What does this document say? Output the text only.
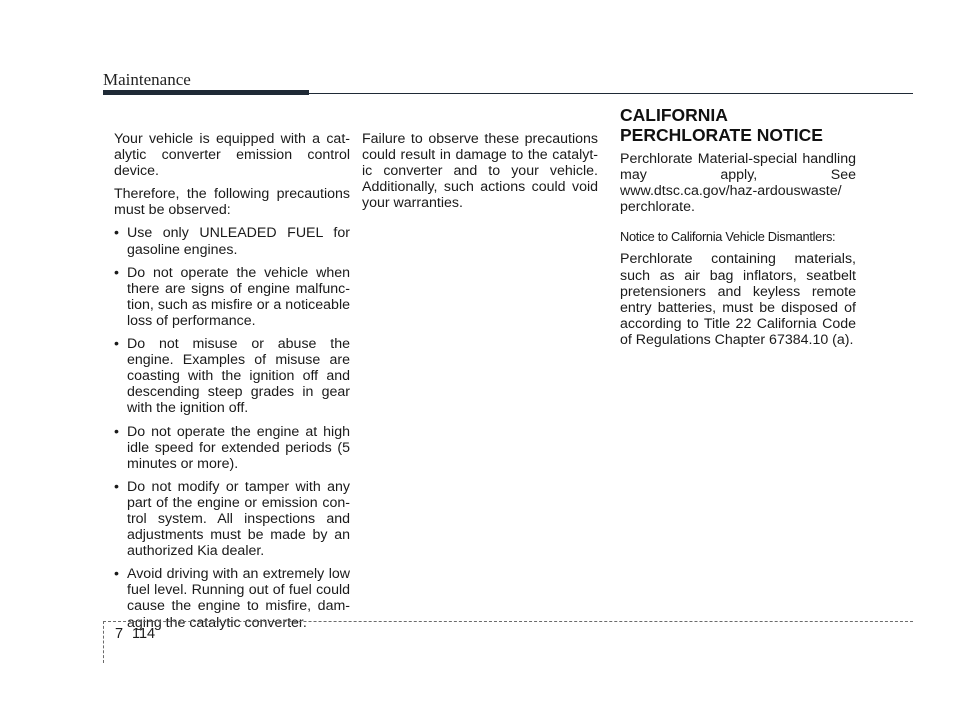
Maintenance

Your vehicle is equipped with a cat-alytic converter emission control device.

Therefore, the following precautions must be observed:

• Use only UNLEADED FUEL for gasoline engines.
• Do not operate the vehicle when there are signs of engine malfunc-tion, such as misfire or a noticeable loss of performance.
• Do not misuse or abuse the engine. Examples of misuse are coasting with the ignition off and descending steep grades in gear with the ignition off.
• Do not operate the engine at high idle speed for extended periods (5 minutes or more).
• Do not modify or tamper with any part of the engine or emission con-trol system. All inspections and adjustments must be made by an authorized Kia dealer.
• Avoid driving with an extremely low fuel level. Running out of fuel could cause the engine to misfire, dam-aging the catalytic converter.

Failure to observe these precautions could result in damage to the catalyt-ic converter and to your vehicle. Additionally, such actions could void your warranties.

CALIFORNIA
PERCHLORATE NOTICE

Perchlorate Material-special handling may apply, See www.dtsc.ca.gov/haz-ardouswaste/ perchlorate.

Notice to California Vehicle Dismantlers:

Perchlorate containing materials, such as air bag inflators, seatbelt pretensioners and keyless remote entry batteries, must be disposed of according to Title 22 California Code of Regulations Chapter 67384.10 (a).

7 114
